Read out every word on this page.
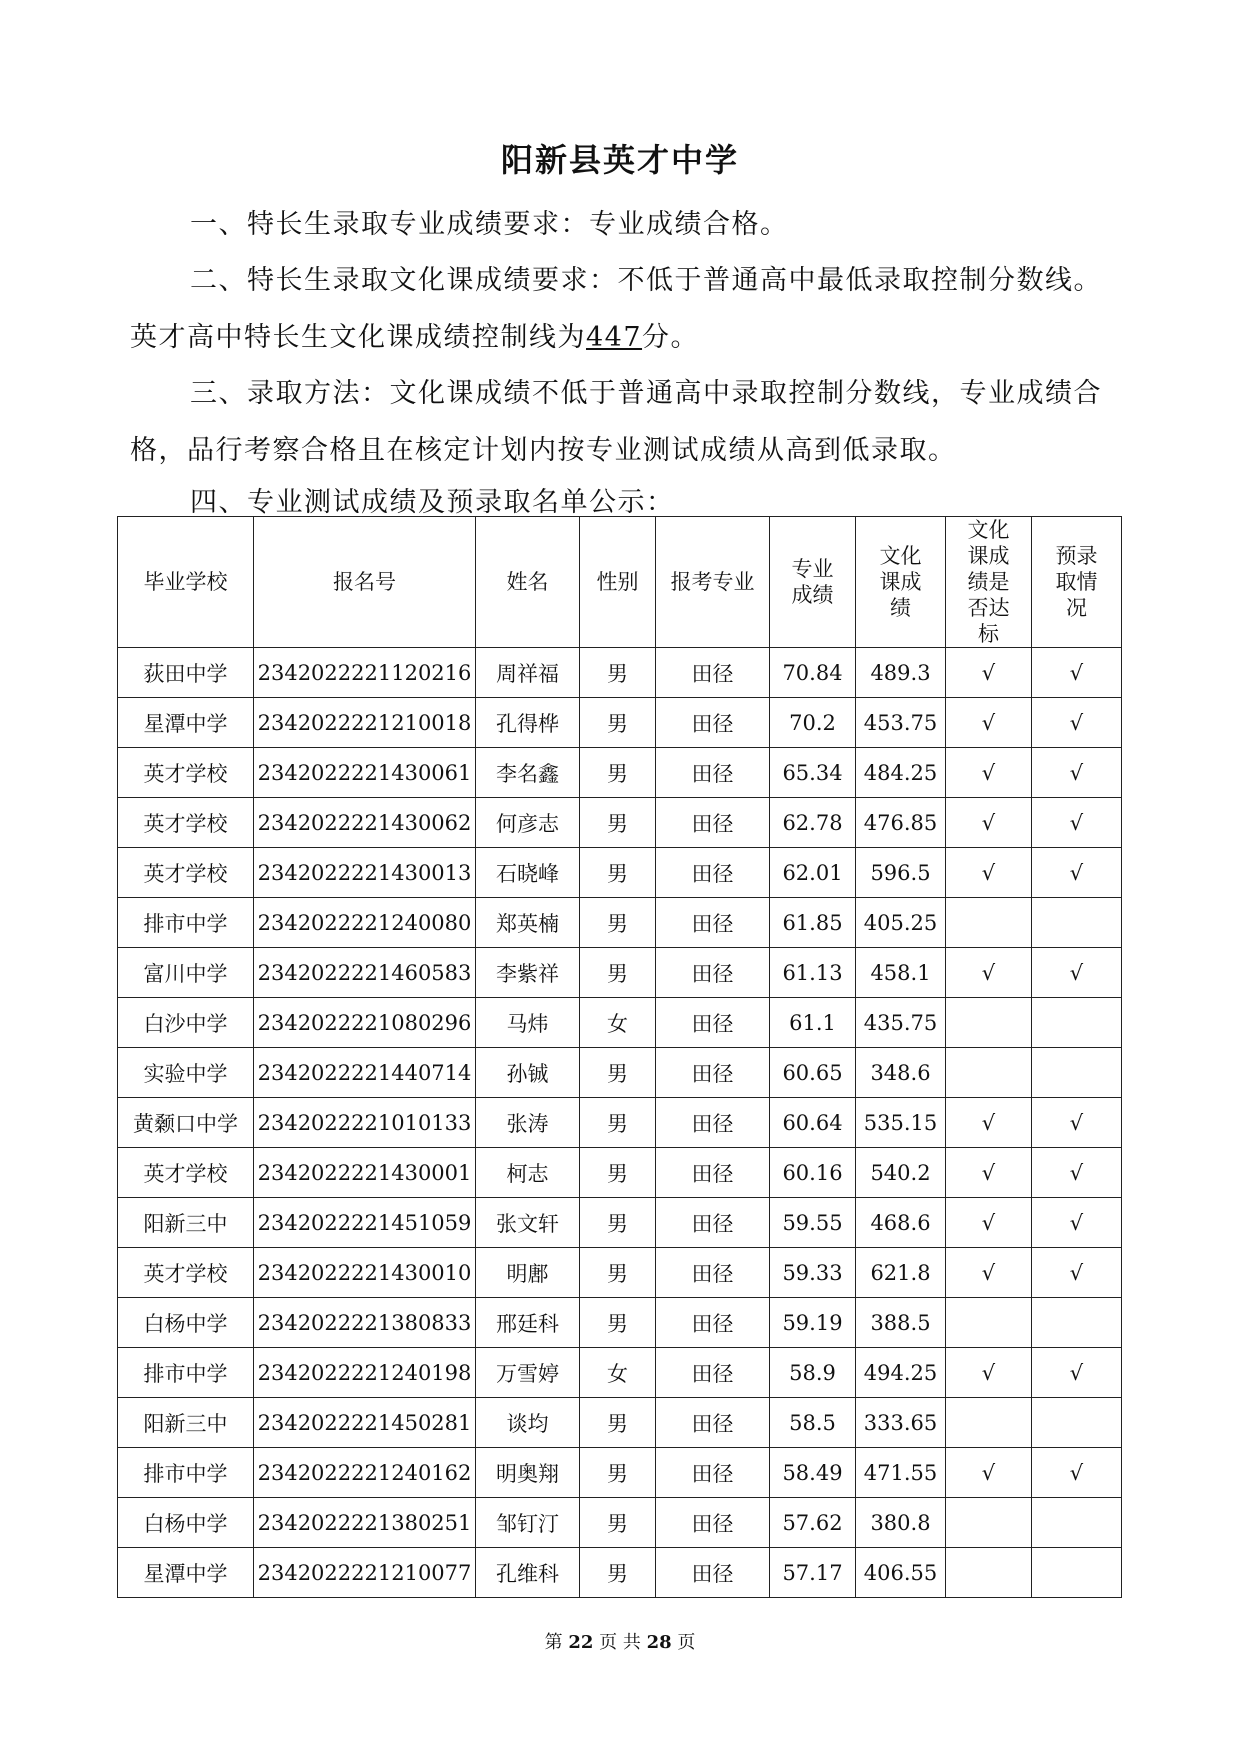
阳新县英才中学

一、特长生录取专业成绩要求：专业成绩合格。

二、特长生录取文化课成绩要求：不低于普通高中最低录取控制分数线。英才高中特长生文化课成绩控制线为447分。

三、录取方法：文化课成绩不低于普通高中录取控制分数线，专业成绩合格，品行考察合格且在核定计划内按专业测试成绩从高到低录取。

四、专业测试成绩及预录取名单公示：

毕业学校	报名号	姓名	性别	报考专业	专业成绩	文化课成绩	文化课成绩是否达标	预录取情况
荻田中学	2342022221120216	周祥福	男	田径	70.84	489.3	√	√
星潭中学	2342022221210018	孔得桦	男	田径	70.2	453.75	√	√
英才学校	2342022221430061	李名鑫	男	田径	65.34	484.25	√	√
英才学校	2342022221430062	何彦志	男	田径	62.78	476.85	√	√
英才学校	2342022221430013	石晓峰	男	田径	62.01	596.5	√	√
排市中学	2342022221240080	郑英楠	男	田径	61.85	405.25		
富川中学	2342022221460583	李紫祥	男	田径	61.13	458.1	√	√
白沙中学	2342022221080296	马炜	女	田径	61.1	435.75		
实验中学	2342022221440714	孙铖	男	田径	60.65	348.6		
黄颡口中学	2342022221010133	张涛	男	田径	60.64	535.15	√	√
英才学校	2342022221430001	柯志	男	田径	60.16	540.2	√	√
阳新三中	2342022221451059	张文轩	男	田径	59.55	468.6	√	√
英才学校	2342022221430010	明鄌	男	田径	59.33	621.8	√	√
白杨中学	2342022221380833	邢廷科	男	田径	59.19	388.5		
排市中学	2342022221240198	万雪婷	女	田径	58.9	494.25	√	√
阳新三中	2342022221450281	谈均	男	田径	58.5	333.65		
排市中学	2342022221240162	明奥翔	男	田径	58.49	471.55	√	√
白杨中学	2342022221380251	邹钉汀	男	田径	57.62	380.8		
星潭中学	2342022221210077	孔维科	男	田径	57.17	406.55		

第 22 页 共 28 页
